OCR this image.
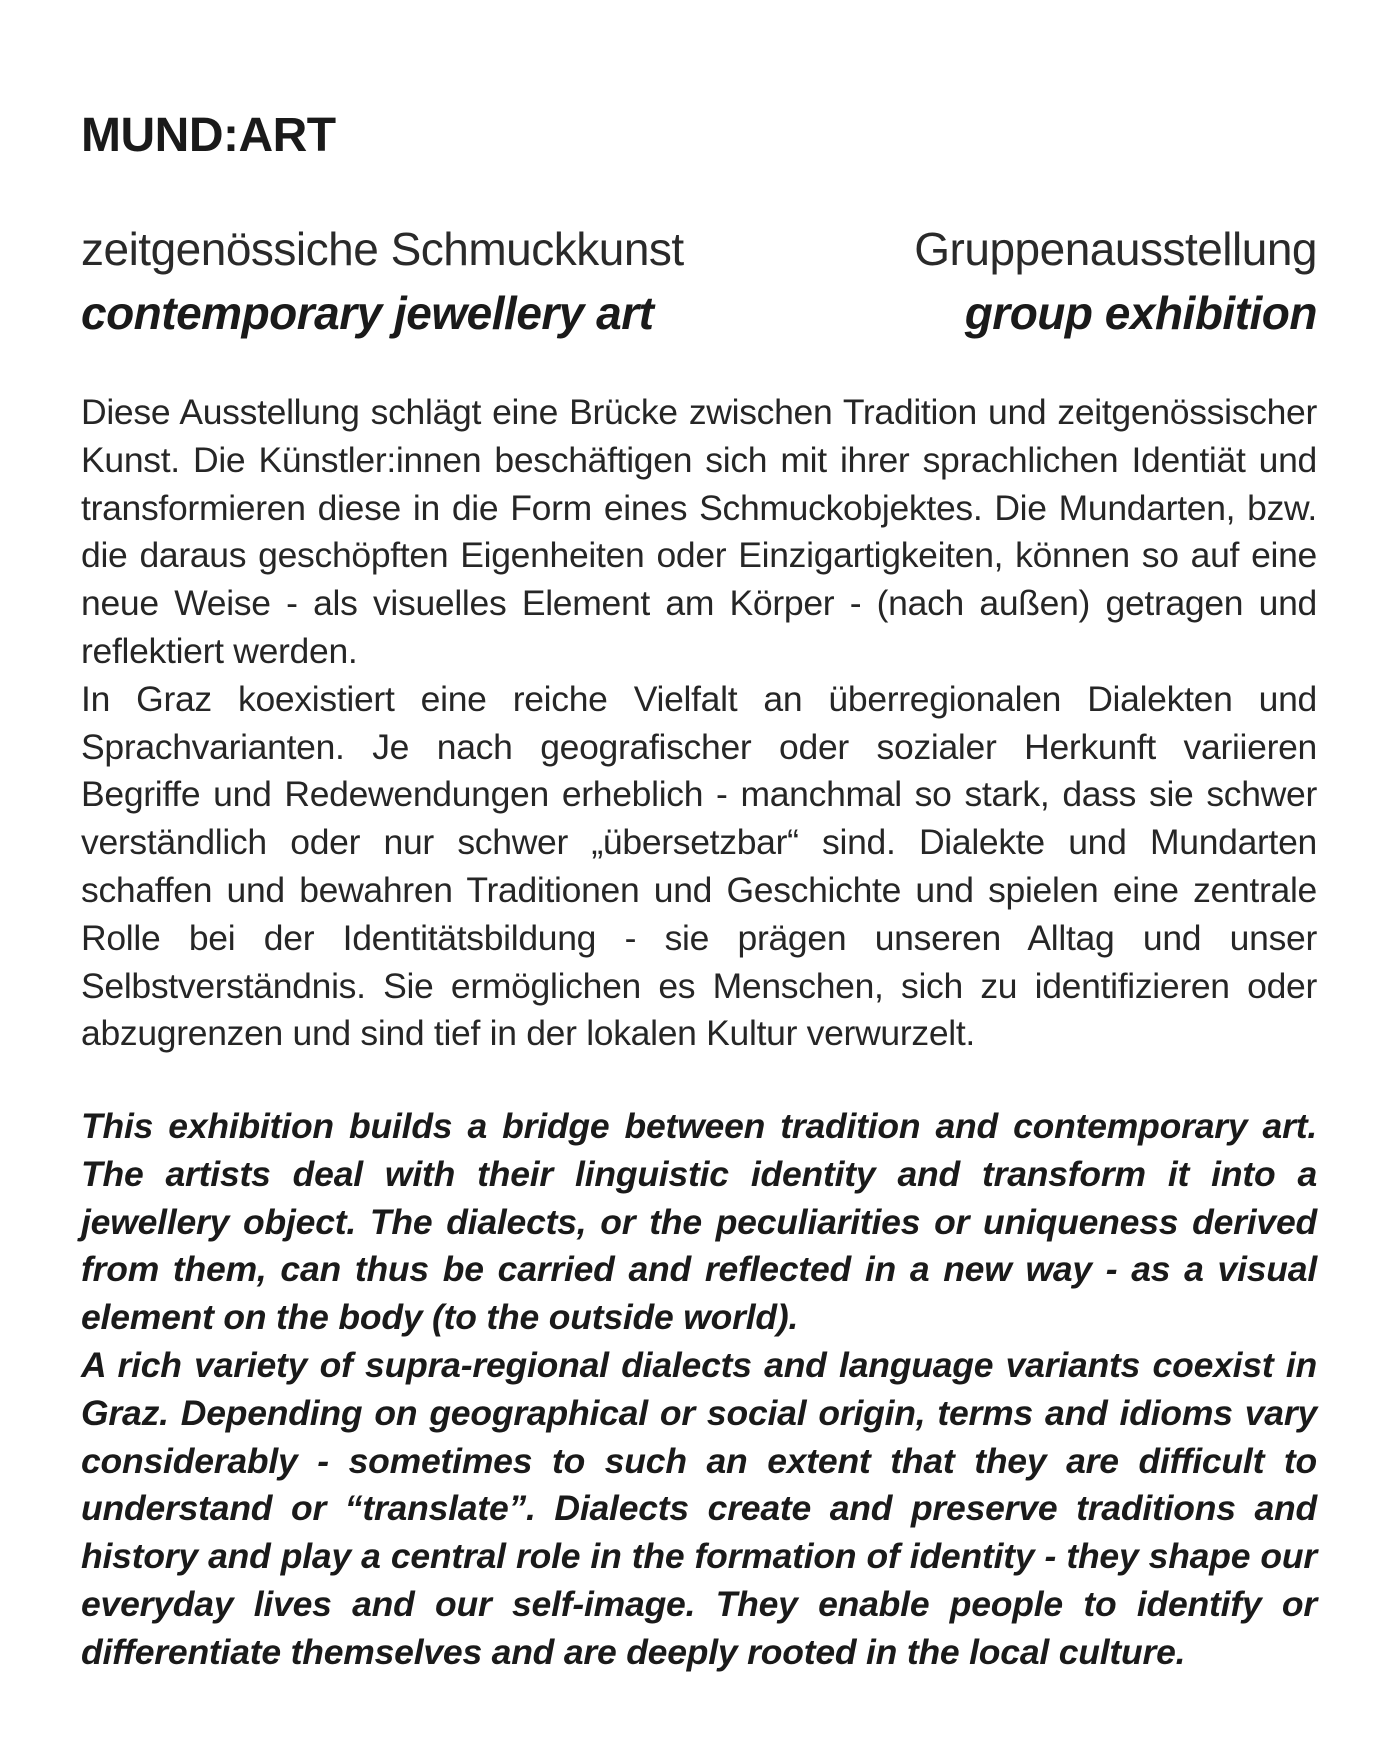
MUND:ART
zeitgenössiche Schmuckkunst	Gruppenausstellung
contemporary jewellery art	group exhibition

Diese Ausstellung schlägt eine Brücke zwischen Tradition und zeitgenössischer Kunst. Die Künstler:innen beschäftigen sich mit ihrer sprachlichen Identiät und transformieren diese in die Form eines Schmuckobjektes. Die Mundarten, bzw. die daraus geschöpften Eigenheiten oder Einzigartigkeiten, können so auf eine neue Weise - als visuelles Element am Körper - (nach außen) getragen und reflektiert werden.

In Graz koexistiert eine reiche Vielfalt an überregionalen Dialekten und Sprachvarianten. Je nach geografischer oder sozialer Herkunft variieren Begriffe und Redewendungen erheblich - manchmal so stark, dass sie schwer verständlich oder nur schwer „übersetzbar“ sind. Dialekte und Mundarten schaffen und bewahren Traditionen und Geschichte und spielen eine zentrale Rolle bei der Identitätsbildung - sie prägen unseren Alltag und unser Selbstverständnis. Sie ermöglichen es Menschen, sich zu identifizieren oder abzugrenzen und sind tief in der lokalen Kultur verwurzelt.

This exhibition builds a bridge between tradition and contemporary art. The artists deal with their linguistic identity and transform it into a jewellery object. The dialects, or the peculiarities or uniqueness derived from them, can thus be carried and reflected in a new way - as a visual element on the body (to the outside world).

A rich variety of supra-regional dialects and language variants coexist in Graz. Depending on geographical or social origin, terms and idioms vary considerably - sometimes to such an extent that they are difficult to understand or “translate”. Dialects create and preserve traditions and history and play a central role in the formation of identity - they shape our everyday lives and our self-image. They enable people to identify or differentiate themselves and are deeply rooted in the local culture.
